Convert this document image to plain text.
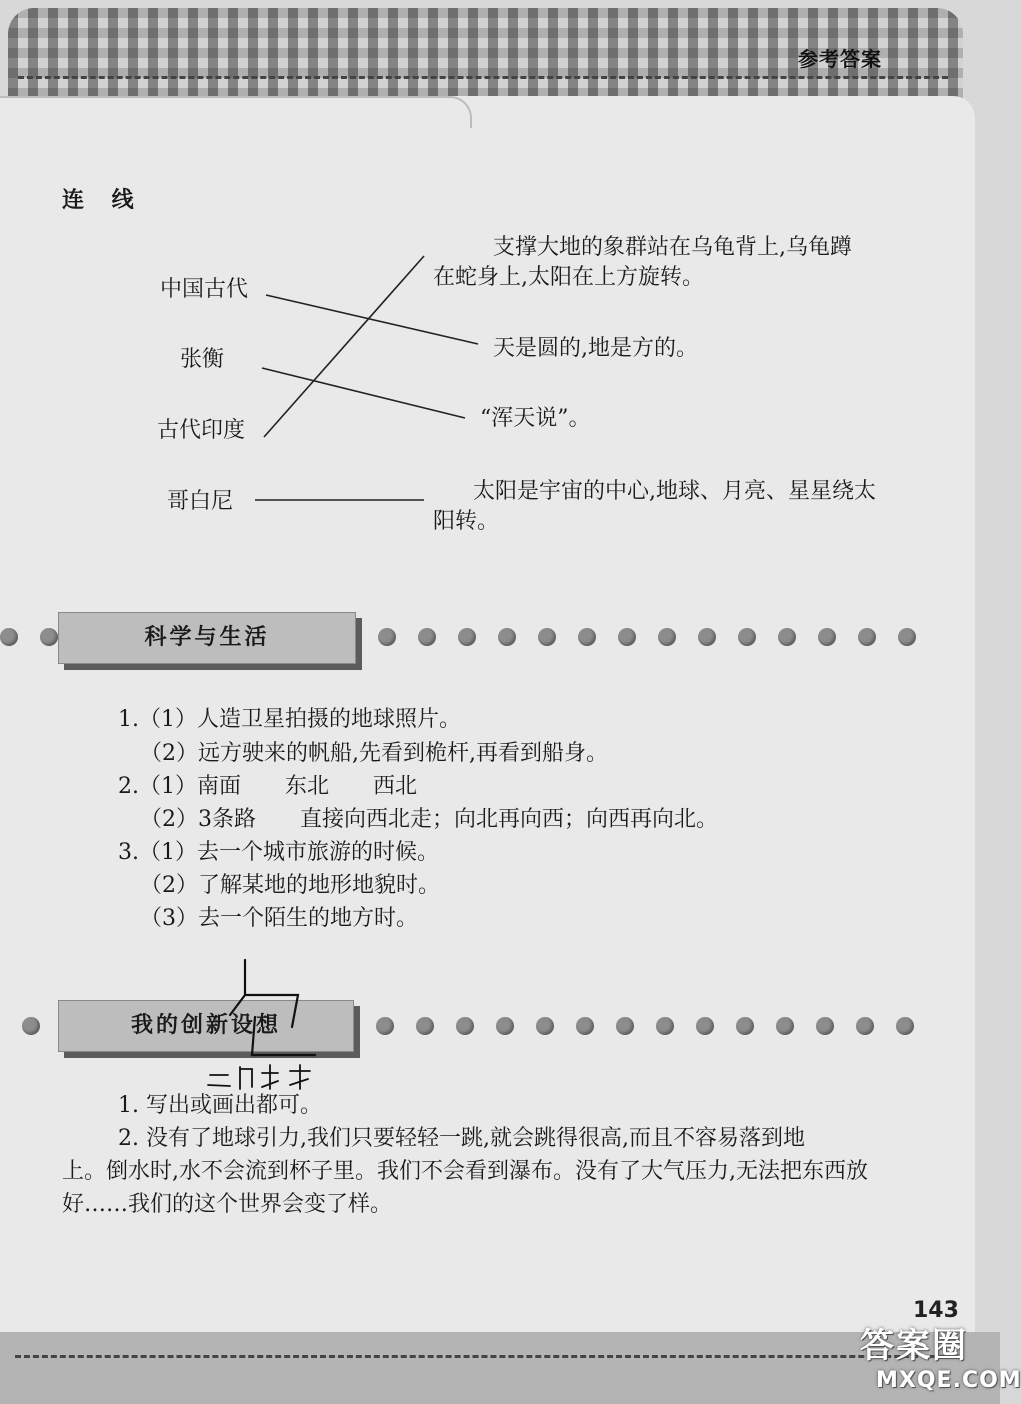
参考答案
连 线
中国古代
张衡
古代印度
哥白尼
支撑大地的象群站在乌龟背上,乌龟蹲
在蛇身上,太阳在上方旋转。
天是圆的,地是方的。
“浑天说”。
太阳是宇宙的中心,地球、月亮、星星绕太
阳转。
科学与生活
1.（1）人造卫星拍摄的地球照片。
（2）远方驶来的帆船,先看到桅杆,再看到船身。
2.（1）南面　　东北　　西北
（2）3条路　　直接向西北走；向北再向西；向西再向北。
3.（1）去一个城市旅游的时候。
（2）了解某地的地形地貌时。
（3）去一个陌生的地方时。
我的创新设想
1. 写出或画出都可。
2. 没有了地球引力,我们只要轻轻一跳,就会跳得很高,而且不容易落到地
上。倒水时,水不会流到杯子里。我们不会看到瀑布。没有了大气压力,无法把东西放
好……我们的这个世界会变了样。
143
答案圈
MXQE.COM
